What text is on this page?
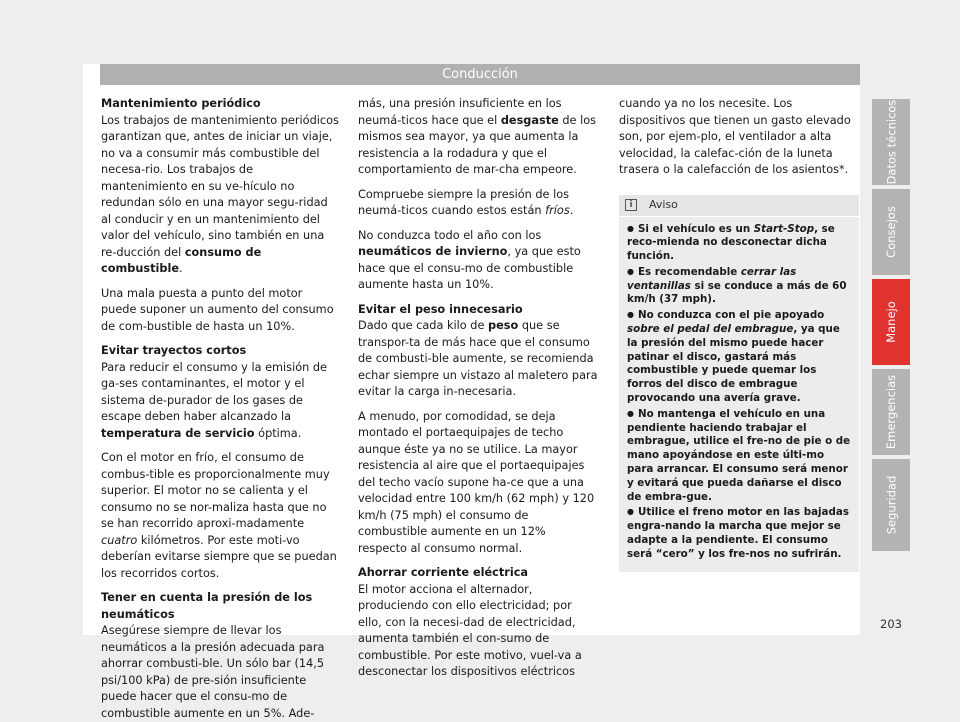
Conducción
Mantenimiento periódico

Los trabajos de mantenimiento periódicos garantizan que, antes de iniciar un viaje, no va a consumir más combustible del necesa-rio. Los trabajos de mantenimiento en su ve-hículo no redundan sólo en una mayor segu-ridad al conducir y en un mantenimiento del valor del vehículo, sino también en una re-ducción del consumo de combustible.

Una mala puesta a punto del motor puede suponer un aumento del consumo de com-bustible de hasta un 10%.

Evitar trayectos cortos

Para reducir el consumo y la emisión de ga-ses contaminantes, el motor y el sistema de-purador de los gases de escape deben haber alcanzado la temperatura de servicio óptima.

Con el motor en frío, el consumo de combus-tible es proporcionalmente muy superior. El motor no se calienta y el consumo no se nor-maliza hasta que no se han recorrido aproxi-madamente cuatro kilómetros. Por este moti-vo deberían evitarse siempre que se puedan los recorridos cortos.

Tener en cuenta la presión de los neumáticos

Asegúrese siempre de llevar los neumáticos a la presión adecuada para ahorrar combusti-ble. Un sólo bar (14,5 psi/100 kPa) de pre-sión insuficiente puede hacer que el consu-mo de combustible aumente en un 5%. Ade-

más, una presión insuficiente en los neumá-ticos hace que el desgaste de los mismos sea mayor, ya que aumenta la resistencia a la rodadura y que el comportamiento de mar-cha empeore.

Compruebe siempre la presión de los neumá-ticos cuando estos están fríos.

No conduzca todo el año con los neumáticos de invierno, ya que esto hace que el consu-mo de combustible aumente hasta un 10%.

Evitar el peso innecesario

Dado que cada kilo de peso que se transpor-ta de más hace que el consumo de combusti-ble aumente, se recomienda echar siempre un vistazo al maletero para evitar la carga in-necesaria.

A menudo, por comodidad, se deja montado el portaequipajes de techo aunque éste ya no se utilice. La mayor resistencia al aire que el portaequipajes del techo vacío supone ha-ce que a una velocidad entre 100 km/h (62 mph) y 120 km/h (75 mph) el consumo de combustible aumente en un 12% respecto al consumo normal.

Ahorrar corriente eléctrica

El motor acciona el alternador, produciendo con ello electricidad; por ello, con la necesi-dad de electricidad, aumenta también el con-sumo de combustible. Por este motivo, vuel-va a desconectar los dispositivos eléctricos

cuando ya no los necesite. Los dispositivos que tienen un gasto elevado son, por ejem-plo, el ventilador a alta velocidad, la calefac-ción de la luneta trasera o la calefacción de los asientos*.

i	Aviso
● Si el vehículo es un Start-Stop, se reco-mienda no desconectar dicha función.
● Es recomendable cerrar las ventanillas si se conduce a más de 60 km/h (37 mph).
● No conduzca con el pie apoyado sobre el pedal del embrague, ya que la presión del mismo puede hacer patinar el disco, gastará más combustible y puede quemar los forros del disco de embrague provocando una avería grave.
● No mantenga el vehículo en una pendiente haciendo trabajar el embrague, utilice el fre-no de pie o de mano apoyándose en este últi-mo para arrancar. El consumo será menor y evitará que pueda dañarse el disco de embra-gue.
● Utilice el freno motor en las bajadas engra-nando la marcha que mejor se adapte a la pendiente. El consumo será “cero” y los fre-nos no sufrirán.
Datos técnicos
Consejos
Manejo
Emergencias
Seguridad
203
